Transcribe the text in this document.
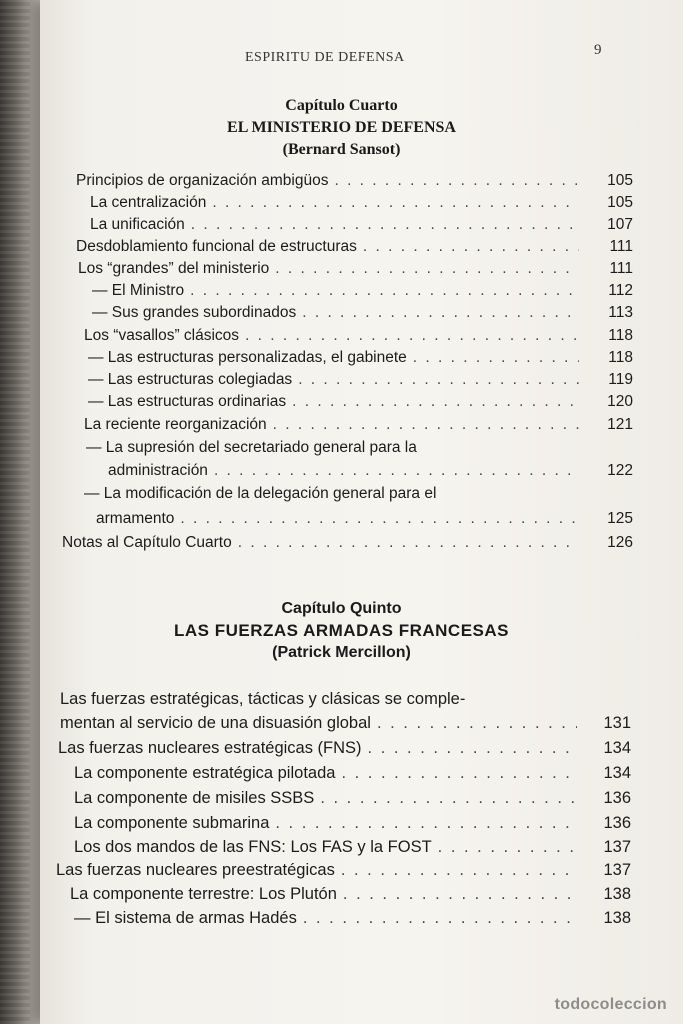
ESPIRITU DE DEFENSA	9
Capítulo Cuarto
EL MINISTERIO DE DEFENSA
(Bernard Sansot)
Principios de organización ambigüos . . .	105
La centralización . . .	105
La unificación . . .	107
Desdoblamiento funcional de estructuras . . .	111
Los “grandes” del ministerio . . .	111
— El Ministro . . .	112
— Sus grandes subordinados . . .	113
Los “vasallos” clásicos . . .	118
— Las estructuras personalizadas, el gabinete . . .	118
— Las estructuras colegiadas . . .	119
— Las estructuras ordinarias . . .	120
La reciente reorganización . . .	121
— La supresión del secretariado general para la
administración . . .	122
— La modificación de la delegación general para el
armamento . . .	125
Notas al Capítulo Cuarto . . .	126
Capítulo Quinto
LAS FUERZAS ARMADAS FRANCESAS
(Patrick Mercillon)
Las fuerzas estratégicas, tácticas y clásicas se comple-
mentan al servicio de una disuasión global . . .	131
Las fuerzas nucleares estratégicas (FNS) . . .	134
La componente estratégica pilotada . . .	134
La componente de misiles SSBS . . .	136
La componente submarina . . .	136
Los dos mandos de las FNS: Los FAS y la FOST . . .	137
Las fuerzas nucleares preestratégicas . . .	137
La componente terrestre: Los Plutón . . .	138
— El sistema de armas Hadés . . .	138
todocoleccion
